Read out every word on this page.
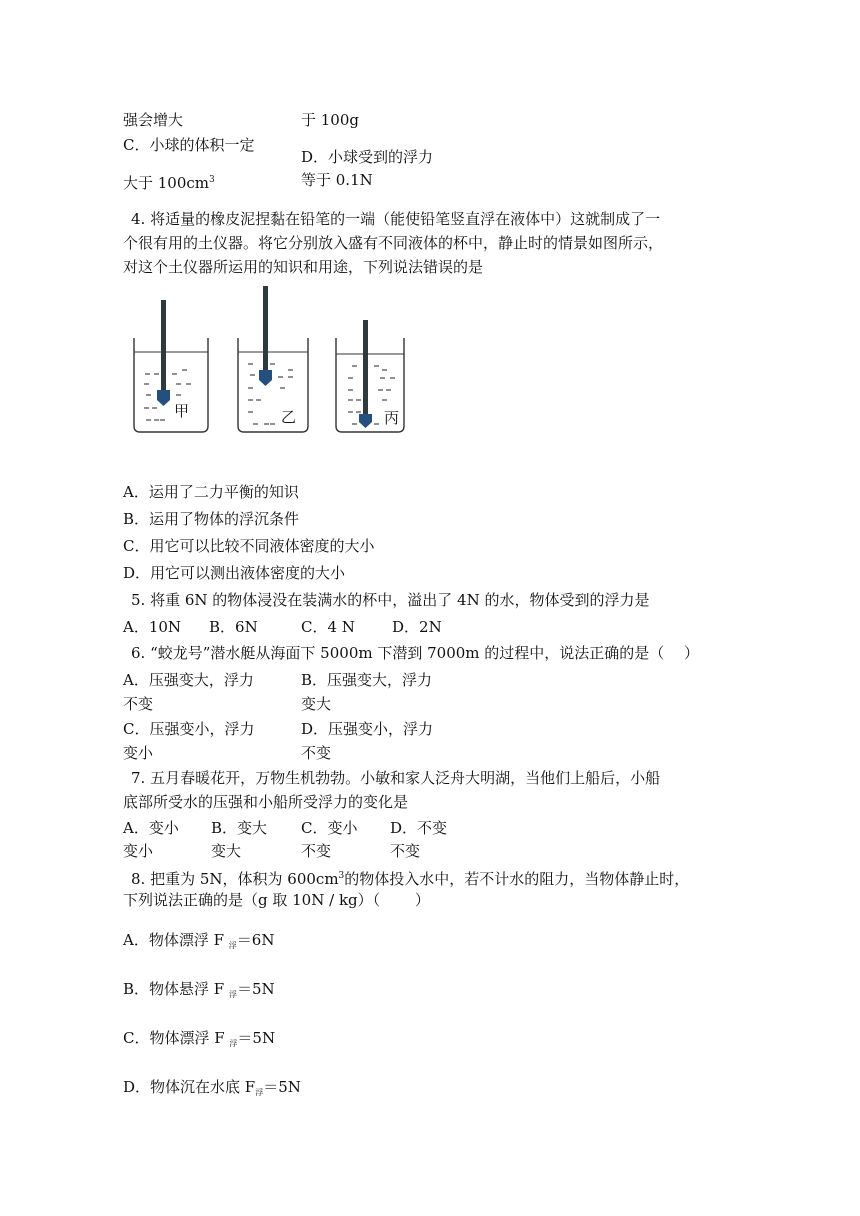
强会增大	于 100g
C．小球的体积一定
大于 $100cm^3$
D．小球受到的浮力
等于 0.1N
4. 将适量的橡皮泥捏黏在铅笔的一端（能使铅笔竖直浮在液体中）这就制成了一
个很有用的土仪器。将它分别放入盛有不同液体的杯中，静止时的情景如图所示，
对这个土仪器所运用的知识和用途，下列说法错误的是
甲	乙	丙
A．运用了二力平衡的知识
B．运用了物体的浮沉条件
C．用它可以比较不同液体密度的大小
D．用它可以测出液体密度的大小
5. 将重 6N 的物体浸没在装满水的杯中，溢出了 4N 的水，物体受到的浮力是
A．10N B．6N	C．4 N D．2N
6. “蛟龙号”潜水艇从海面下 5000m 下潜到 7000m 的过程中，说法正确的是（　 ）
A．压强变大，浮力
不变
B．压强变大，浮力
变大
C．压强变小，浮力
变小
D．压强变小，浮力
不变
7. 五月春暖花开，万物生机勃勃。小敏和家人泛舟大明湖，当他们上船后，小船
底部所受水的压强和小船所受浮力的变化是
A．变小 B．变大 C．变小 D．不变
变小	变大	不变	不变
8. 把重为 5N，体积为 $600cm^3$的物体投入水中，若不计水的阻力，当物体静止时，
下列说法正确的是（g 取 10N / kg）（　　 ）
A．物体漂浮 F $_浮$＝6N
B．物体悬浮 F $_浮$＝5N
C．物体漂浮 F $_浮$＝5N
D．物体沉在水底 $F_浮=5N$
